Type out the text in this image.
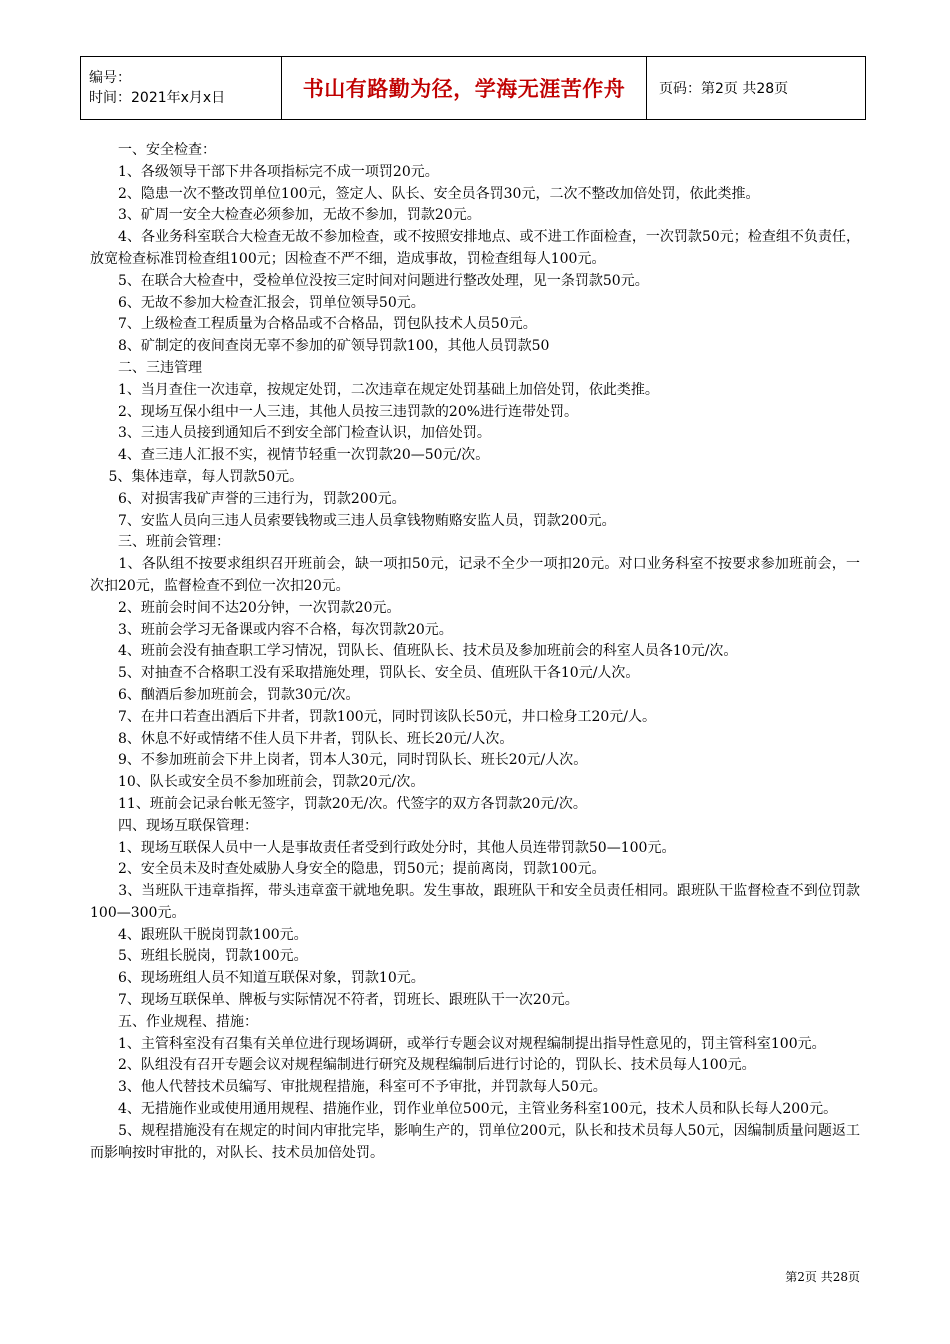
编号：
时间：2021年x月x日	书山有路勤为径，学海无涯苦作舟 页码：第2页 共28页

　　一、安全检查：

　　1、各级领导干部下井各项指标完不成一项罚20元。

　　2、隐患一次不整改罚单位100元，签定人、队长、安全员各罚30元，二次不整改加倍处罚，依此类推。

　　3、矿周一安全大检查必须参加，无故不参加，罚款20元。

　　4、各业务科室联合大检查无故不参加检查，或不按照安排地点、或不进工作面检查，一次罚款50元；检查组不负责任，放宽检查标准罚检查组100元；因检查不严不细，造成事故，罚检查组每人100元。

　　5、在联合大检查中，受检单位没按三定时间对问题进行整改处理，见一条罚款50元。

　　6、无故不参加大检查汇报会，罚单位领导50元。

　　7、上级检查工程质量为合格品或不合格品，罚包队技术人员50元。

　　8、矿制定的夜间查岗无辜不参加的矿领导罚款100，其他人员罚款50

　　二、三违管理

　　1、当月查住一次违章，按规定处罚，二次违章在规定处罚基础上加倍处罚，依此类推。

　　2、现场互保小组中一人三违，其他人员按三违罚款的20%进行连带处罚。

　　3、三违人员接到通知后不到安全部门检查认识，加倍处罚。

　　4、查三违人汇报不实，视情节轻重一次罚款20—50元/次。

　 5、集体违章，每人罚款50元。

　　6、对损害我矿声誉的三违行为，罚款200元。

　　7、安监人员向三违人员索要钱物或三违人员拿钱物贿赂安监人员，罚款200元。

　　三、班前会管理：

　　1、各队组不按要求组织召开班前会，缺一项扣50元，记录不全少一项扣20元。对口业务科室不按要求参加班前会，一次扣20元，监督检查不到位一次扣20元。

　　2、班前会时间不达20分钟，一次罚款20元。

　　3、班前会学习无备课或内容不合格，每次罚款20元。

　　4、班前会没有抽查职工学习情况，罚队长、值班队长、技术员及参加班前会的科室人员各10元/次。

　　5、对抽查不合格职工没有采取措施处理，罚队长、安全员、值班队干各10元/人次。

　　6、酗酒后参加班前会，罚款30元/次。

　　7、在井口若查出酒后下井者，罚款100元，同时罚该队长50元，井口检身工20元/人。

　　8、休息不好或情绪不佳人员下井者，罚队长、班长20元/人次。

　　9、不参加班前会下井上岗者，罚本人30元，同时罚队长、班长20元/人次。

　　10、队长或安全员不参加班前会，罚款20元/次。

　　11、班前会记录台帐无签字，罚款20无/次。代签字的双方各罚款20元/次。

　　四、现场互联保管理：

　　1、现场互联保人员中一人是事故责任者受到行政处分时，其他人员连带罚款50—100元。

　　2、安全员未及时查处威胁人身安全的隐患，罚50元；提前离岗，罚款100元。

　　3、当班队干违章指挥，带头违章蛮干就地免职。发生事故，跟班队干和安全员责任相同。跟班队干监督检查不到位罚款100—300元。

　　4、跟班队干脱岗罚款100元。

　　5、班组长脱岗，罚款100元。

　　6、现场班组人员不知道互联保对象，罚款10元。

　　7、现场互联保单、牌板与实际情况不符者，罚班长、跟班队干一次20元。

　　五、作业规程、措施：

　　1、主管科室没有召集有关单位进行现场调研，或举行专题会议对规程编制提出指导性意见的，罚主管科室100元。

　　2、队组没有召开专题会议对规程编制进行研究及规程编制后进行讨论的，罚队长、技术员每人100元。

　　3、他人代替技术员编写、审批规程措施，科室可不予审批，并罚款每人50元。

　　4、无措施作业或使用通用规程、措施作业，罚作业单位500元，主管业务科室100元，技术人员和队长每人200元。

　　5、规程措施没有在规定的时间内审批完毕，影响生产的，罚单位200元，队长和技术员每人50元，因编制质量问题返工而影响按时审批的，对队长、技术员加倍处罚。

第2页 共28页
